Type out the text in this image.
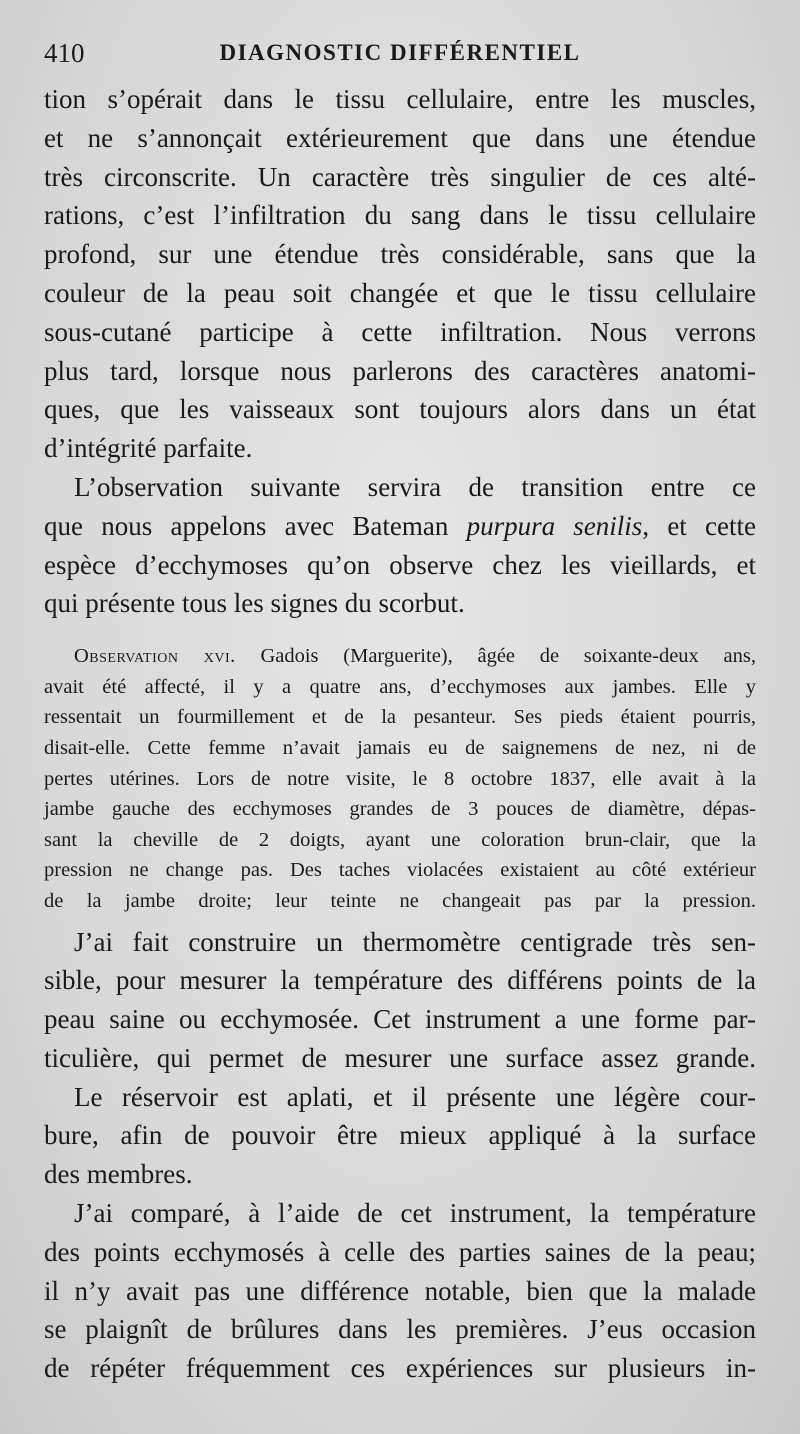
410	DIAGNOSTIC DIFFÉRENTIEL
tion s’opérait dans le tissu cellulaire, entre les muscles,
et ne s’annonçait extérieurement que dans une étendue
très circonscrite. Un caractère très singulier de ces alté-
rations, c’est l’infiltration du sang dans le tissu cellulaire
profond, sur une étendue très considérable, sans que la
couleur de la peau soit changée et que le tissu cellulaire
sous-cutané participe à cette infiltration. Nous verrons
plus tard, lorsque nous parlerons des caractères anatomi-
ques, que les vaisseaux sont toujours alors dans un état
d’intégrité parfaite.
L’observation suivante servira de transition entre ce
que nous appelons avec Bateman purpura senilis, et cette
espèce d’ecchymoses qu’on observe chez les vieillards, et
qui présente tous les signes du scorbut.
Observation xvi. Gadois (Marguerite), âgée de soixante-deux ans,
avait été affecté, il y a quatre ans, d’ecchymoses aux jambes. Elle y
ressentait un fourmillement et de la pesanteur. Ses pieds étaient pourris,
disait-elle. Cette femme n’avait jamais eu de saignemens de nez, ni de
pertes utérines. Lors de notre visite, le 8 octobre 1837, elle avait à la
jambe gauche des ecchymoses grandes de 3 pouces de diamètre, dépas-
sant la cheville de 2 doigts, ayant une coloration brun-clair, que la
pression ne change pas. Des taches violacées existaient au côté extérieur
de la jambe droite; leur teinte ne changeait pas par la pression.
J’ai fait construire un thermomètre centigrade très sen-
sible, pour mesurer la température des différens points de la
peau saine ou ecchymosée. Cet instrument a une forme par-
ticulière, qui permet de mesurer une surface assez grande.
Le réservoir est aplati, et il présente une légère cour-
bure, afin de pouvoir être mieux appliqué à la surface
des membres.
J’ai comparé, à l’aide de cet instrument, la température
des points ecchymosés à celle des parties saines de la peau;
il n’y avait pas une différence notable, bien que la malade
se plaignît de brûlures dans les premières. J’eus occasion
de répéter fréquemment ces expériences sur plusieurs in-
